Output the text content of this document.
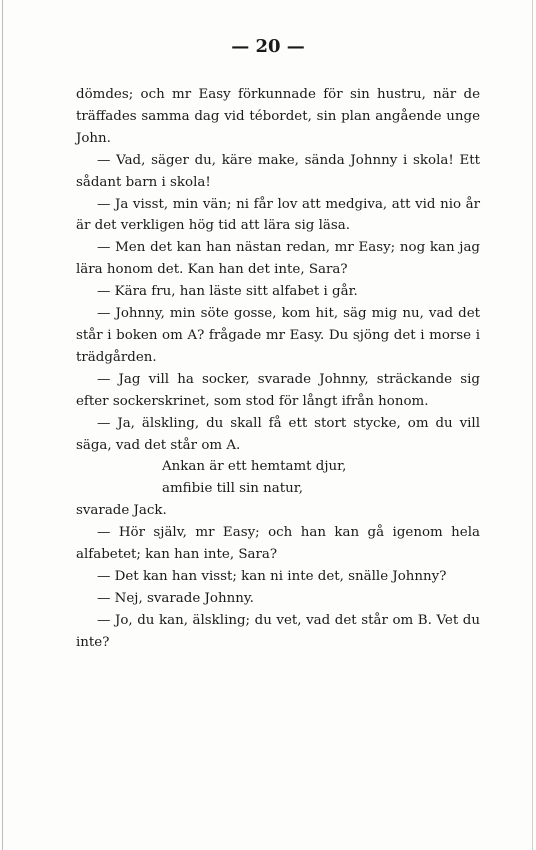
— 20 —

dömdes; och mr Easy förkunnade för sin hustru, när de träffades samma dag vid tébordet, sin plan angående unge John.

— Vad, säger du, käre make, sända Johnny i skola! Ett sådant barn i skola!

— Ja visst, min vän; ni får lov att medgiva, att vid nio år är det verkligen hög tid att lära sig läsa.

— Men det kan han nästan redan, mr Easy; nog kan jag lära honom det. Kan han det inte, Sara?

— Kära fru, han läste sitt alfabet i går.

— Johnny, min söte gosse, kom hit, säg mig nu, vad det står i boken om A? frågade mr Easy. Du sjöng det i morse i trädgården.

— Jag vill ha socker, svarade Johnny, sträckande sig efter sockerskrinet, som stod för långt ifrån honom.

— Ja, älskling, du skall få ett stort stycke, om du vill säga, vad det står om A.

Ankan är ett hemtamt djur,

amfibie till sin natur,

svarade Jack.

— Hör själv, mr Easy; och han kan gå igenom hela alfabetet; kan han inte, Sara?

— Det kan han visst; kan ni inte det, snälle Johnny?

— Nej, svarade Johnny.

— Jo, du kan, älskling; du vet, vad det står om B. Vet du inte?
